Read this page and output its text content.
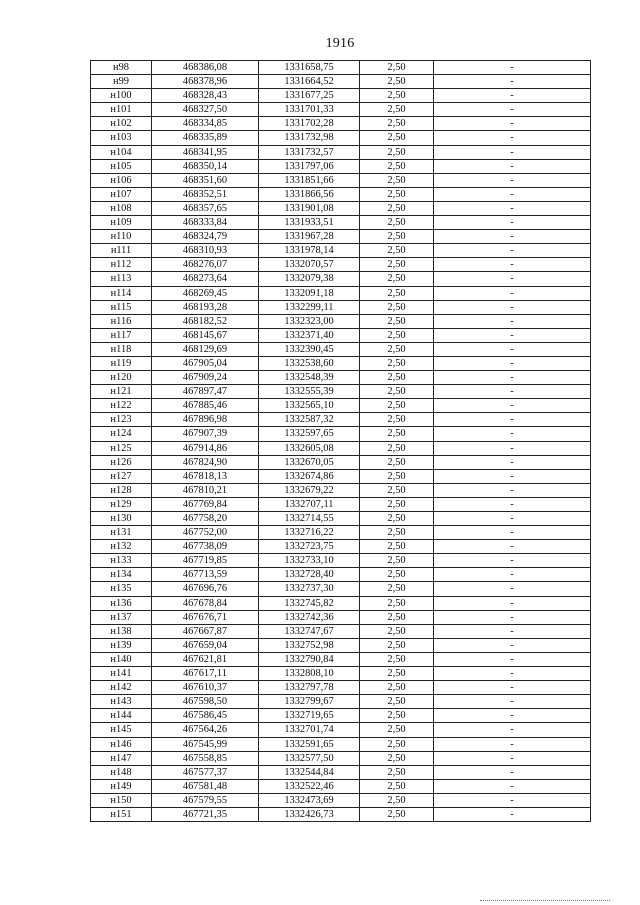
1916
н98	468386,08	1331658,75	2,50	-
н99	468378,96	1331664,52	2,50	-
н100	468328,43	1331677,25	2,50	-
н101	468327,50	1331701,33	2,50	-
н102	468334,85	1331702,28	2,50	-
н103	468335,89	1331732,98	2,50	-
н104	468341,95	1331732,57	2,50	-
н105	468350,14	1331797,06	2,50	-
н106	468351,60	1331851,66	2,50	-
н107	468352,51	1331866,56	2,50	-
н108	468357,65	1331901,08	2,50	-
н109	468333,84	1331933,51	2,50	-
н110	468324,79	1331967,28	2,50	-
н111	468310,93	1331978,14	2,50	-
н112	468276,07	1332070,57	2,50	-
н113	468273,64	1332079,38	2,50	-
н114	468269,45	1332091,18	2,50	-
н115	468193,28	1332299,11	2,50	-
н116	468182,52	1332323,00	2,50	-
н117	468145,67	1332371,40	2,50	-
н118	468129,69	1332390,45	2,50	-
н119	467905,04	1332538,60	2,50	-
н120	467909,24	1332548,39	2,50	-
н121	467897,47	1332555,39	2,50	-
н122	467885,46	1332565,10	2,50	-
н123	467896,98	1332587,32	2,50	-
н124	467907,39	1332597,65	2,50	-
н125	467914,86	1332605,08	2,50	-
н126	467824,90	1332670,05	2,50	-
н127	467818,13	1332674,86	2,50	-
н128	467810,21	1332679,22	2,50	-
н129	467769,84	1332707,11	2,50	-
н130	467758,20	1332714,55	2,50	-
н131	467752,00	1332716,22	2,50	-
н132	467738,09	1332723,75	2,50	-
н133	467719,85	1332733,10	2,50	-
н134	467713,59	1332728,40	2,50	-
н135	467696,76	1332737,30	2,50	-
н136	467678,84	1332745,82	2,50	-
н137	467676,71	1332742,36	2,50	-
н138	467667,87	1332747,67	2,50	-
н139	467659,04	1332752,98	2,50	-
н140	467621,81	1332790,84	2,50	-
н141	467617,11	1332808,10	2,50	-
н142	467610,37	1332797,78	2,50	-
н143	467598,50	1332799,67	2,50	-
н144	467586,45	1332719,65	2,50	-
н145	467564,26	1332701,74	2,50	-
н146	467545,99	1332591,65	2,50	-
н147	467558,85	1332577,50	2,50	-
н148	467577,37	1332544,84	2,50	-
н149	467581,48	1332522,46	2,50	-
н150	467579,55	1332473,69	2,50	-
н151	467721,35	1332426,73	2,50	-
